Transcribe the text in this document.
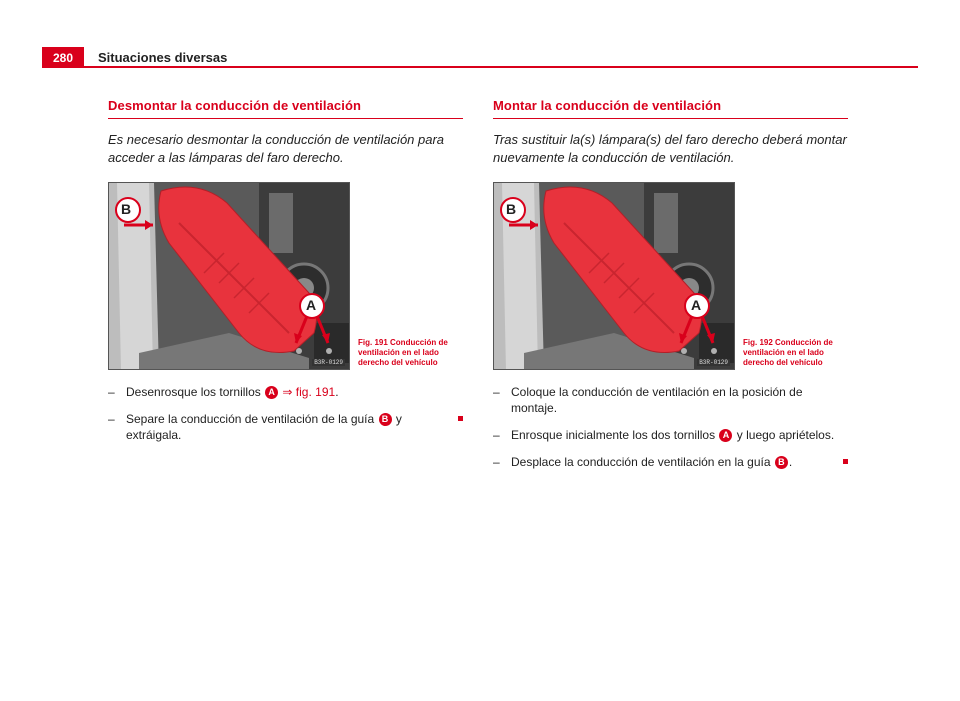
280	Situaciones diversas
Desmontar la conducción de ventilación

Es necesario desmontar la conducción de ventilación para acceder a las lámparas del faro derecho.

B
A
B3R-0129
Fig. 191 Conducción de ventilación en el lado derecho del vehículo
– Desenrosque los tornillos A ⇒ fig. 191.
– Separe la conducción de ventilación de la guía B y extráigala.
Montar la conducción de ventilación

Tras sustituir la(s) lámpara(s) del faro derecho deberá montar nuevamente la conducción de ventilación.

B
A
B3R-0129
Fig. 192 Conducción de ventilación en el lado derecho del vehículo
– Coloque la conducción de ventilación en la posición de montaje.
– Enrosque inicialmente los dos tornillos A y luego apriételos.
– Desplace la conducción de ventilación en la guía B .
